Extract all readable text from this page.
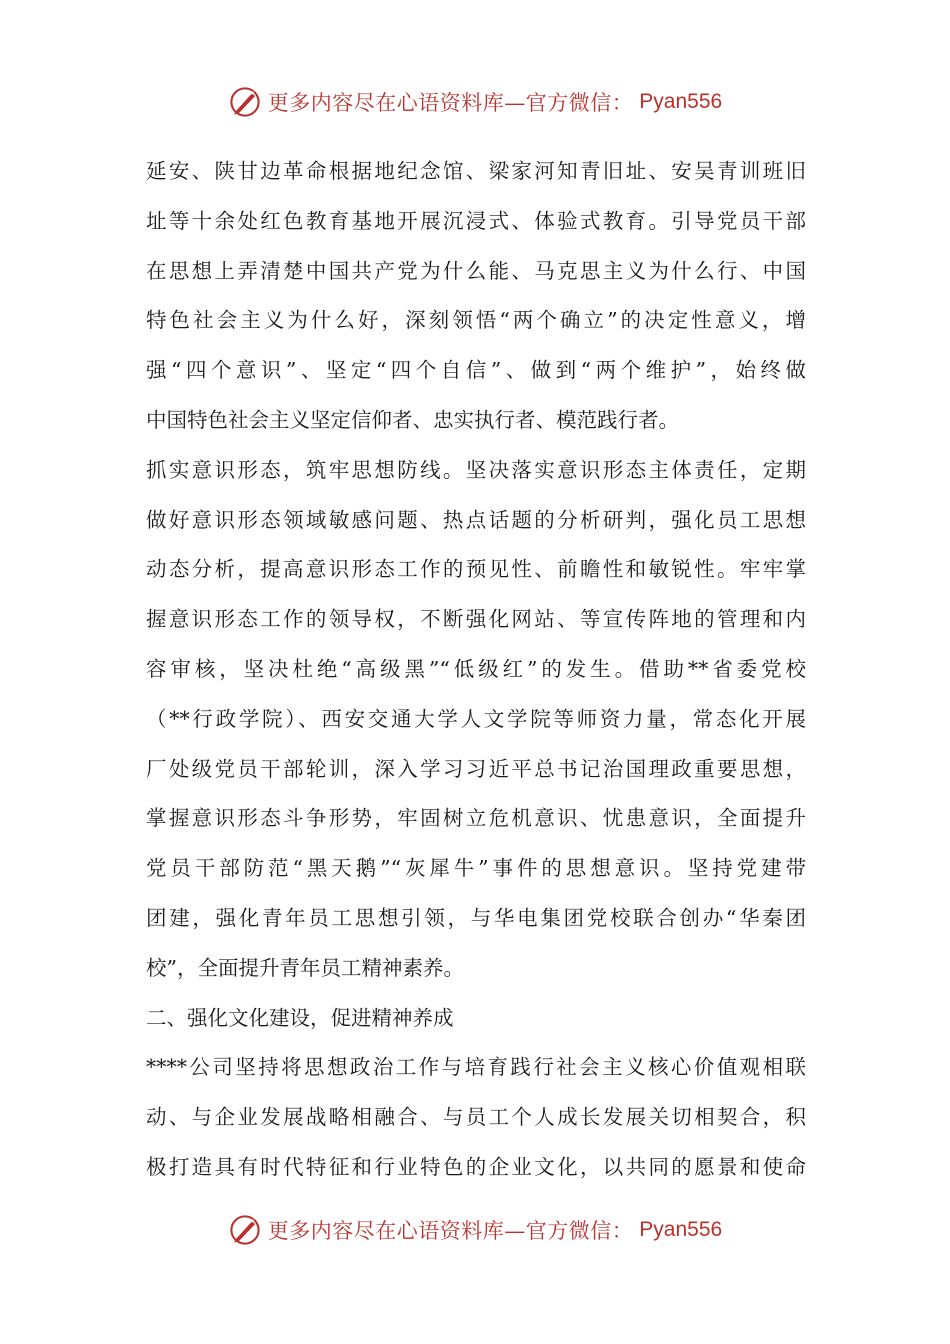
更多内容尽在心语资料库—官方微信： Pyan556
延安、陕甘边革命根据地纪念馆、梁家河知青旧址、安吴青训班旧
址等十余处红色教育基地开展沉浸式、体验式教育。引导党员干部
在思想上弄清楚中国共产党为什么能、马克思主义为什么行、中国
特色社会主义为什么好，深刻领悟“两个确立”的决定性意义，增
强“四个意识”、坚定“四个自信”、做到“两个维护”，始终做
中国特色社会主义坚定信仰者、忠实执行者、模范践行者。
抓实意识形态，筑牢思想防线。坚决落实意识形态主体责任，定期
做好意识形态领域敏感问题、热点话题的分析研判，强化员工思想
动态分析，提高意识形态工作的预见性、前瞻性和敏锐性。牢牢掌
握意识形态工作的领导权，不断强化网站、等宣传阵地的管理和内
容审核，坚决杜绝“高级黑”“低级红”的发生。借助**省委党校
（**行政学院）、西安交通大学人文学院等师资力量，常态化开展
厂处级党员干部轮训，深入学习习近平总书记治国理政重要思想，
掌握意识形态斗争形势，牢固树立危机意识、忧患意识，全面提升
党员干部防范“黑天鹅”“灰犀牛”事件的思想意识。坚持党建带
团建，强化青年员工思想引领，与华电集团党校联合创办“华秦团
校”，全面提升青年员工精神素养。
二、强化文化建设，促进精神养成
****公司坚持将思想政治工作与培育践行社会主义核心价值观相联
动、与企业发展战略相融合、与员工个人成长发展关切相契合，积
极打造具有时代特征和行业特色的企业文化，以共同的愿景和使命
更多内容尽在心语资料库—官方微信： Pyan556
